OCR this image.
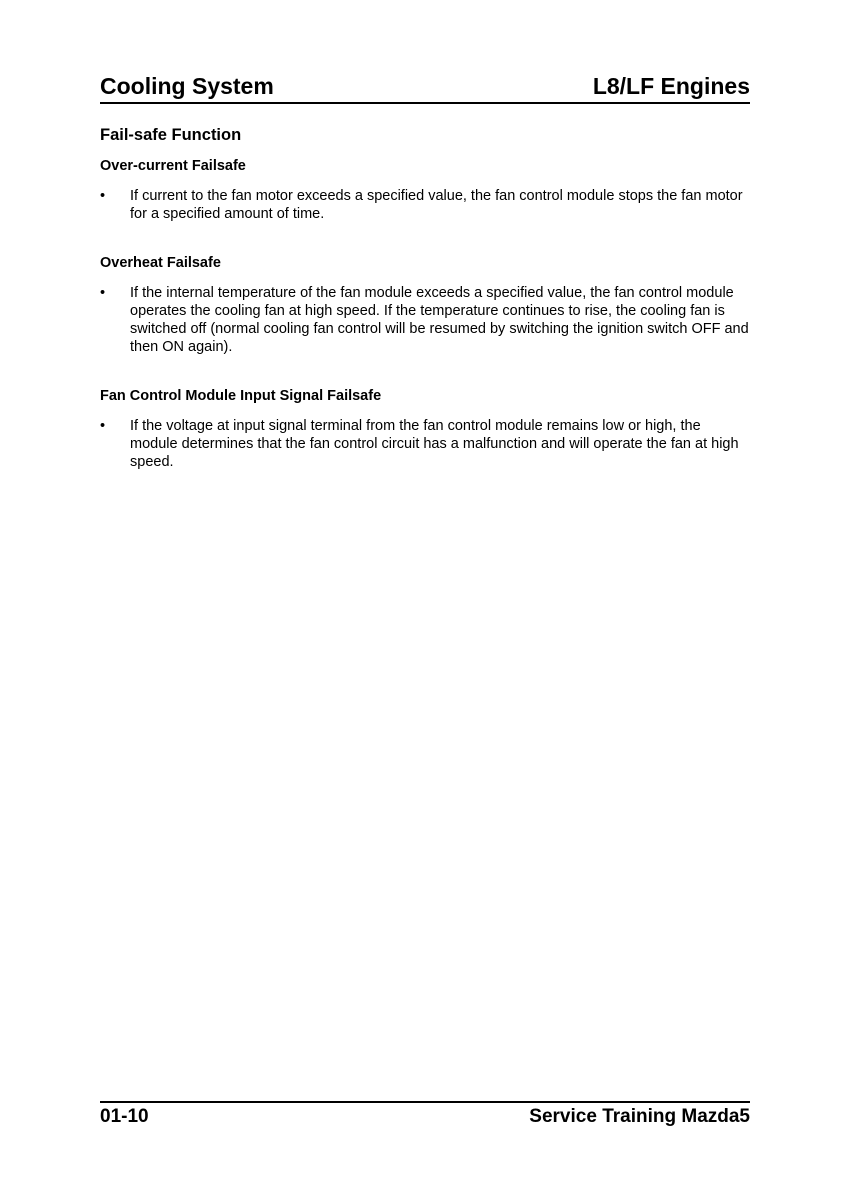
Cooling System	L8/LF Engines
Fail-safe Function
Over-current Failsafe
•	If current to the fan motor exceeds a specified value, the fan control module stops the fan motor for a specified amount of time.
Overheat Failsafe
•	If the internal temperature of the fan module exceeds a specified value, the fan control module operates the cooling fan at high speed. If the temperature continues to rise, the cooling fan is switched off (normal cooling fan control will be resumed by switching the ignition switch OFF and then ON again).
Fan Control Module Input Signal Failsafe
•	If the voltage at input signal terminal from the fan control module remains low or high, the module determines that the fan control circuit has a malfunction and will operate the fan at high speed.
01-10	Service Training Mazda5
